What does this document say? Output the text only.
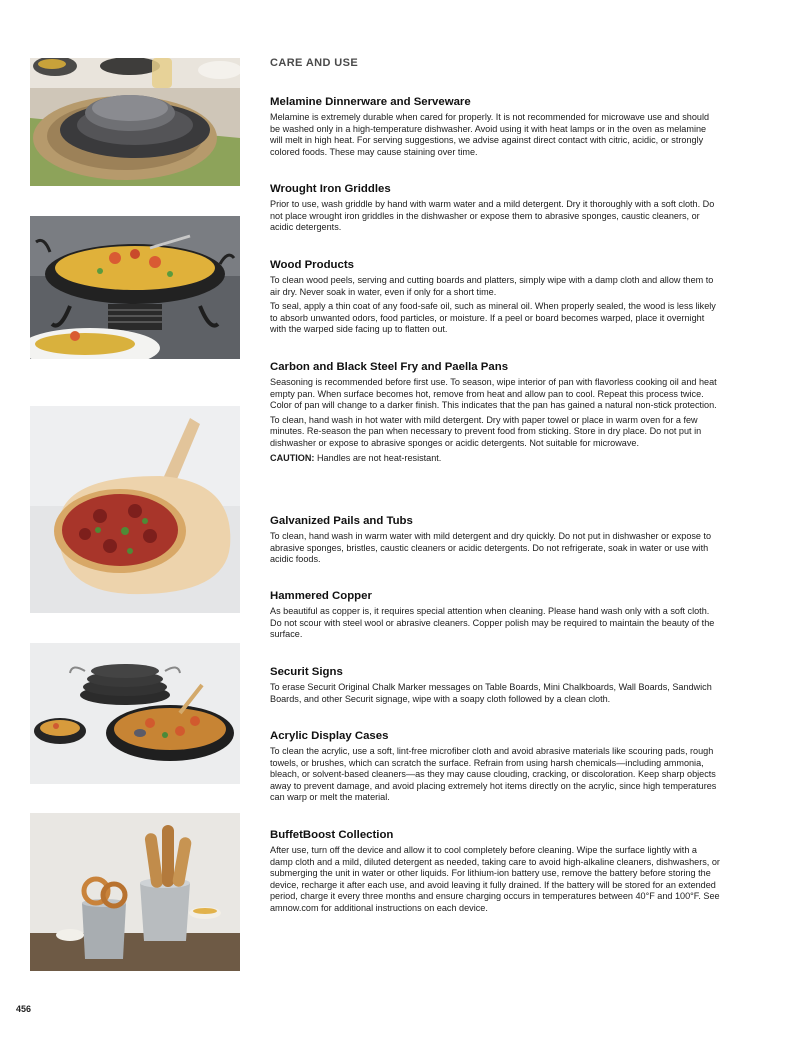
CARE AND USE
Melamine Dinnerware and Serveware

Melamine is extremely durable when cared for properly. It is not recommended for microwave use and should be washed only in a high-temperature dishwasher. Avoid using it with heat lamps or in the oven as melamine will melt in high heat. For serving suggestions, we advise against direct contact with citric, acidic, or strongly colored foods. These may cause staining over time.

Wrought Iron Griddles

Prior to use, wash griddle by hand with warm water and a mild detergent. Dry it thoroughly with a soft cloth. Do not place wrought iron griddles in the dishwasher or expose them to abrasive sponges, caustic cleaners, or acidic detergents.

Wood Products

To clean wood peels, serving and cutting boards and platters, simply wipe with a damp cloth and allow them to air dry. Never soak in water, even if only for a short time.

To seal, apply a thin coat of any food-safe oil, such as mineral oil. When properly sealed, the wood is less likely to absorb unwanted odors, food particles, or moisture. If a peel or board becomes warped, place it overnight with the warped side facing up to flatten out.

Carbon and Black Steel Fry and Paella Pans

Seasoning is recommended before first use. To season, wipe interior of pan with flavorless cooking oil and heat empty pan. When surface becomes hot, remove from heat and allow pan to cool. Repeat this process twice. Color of pan will change to a darker finish. This indicates that the pan has gained a natural non-stick protection.

To clean, hand wash in hot water with mild detergent. Dry with paper towel or place in warm oven for a few minutes. Re-season the pan when necessary to prevent food from sticking. Store in dry place. Do not put in dishwasher or expose to abrasive sponges or acidic detergents. Not suitable for microwave.

CAUTION: Handles are not heat-resistant.

Galvanized Pails and Tubs

To clean, hand wash in warm water with mild detergent and dry quickly. Do not put in dishwasher or expose to abrasive sponges, bristles, caustic cleaners or acidic detergents. Do not refrigerate, soak in water or use with acidic foods.

Hammered Copper

As beautiful as copper is, it requires special attention when cleaning. Please hand wash only with a soft cloth. Do not scour with steel wool or abrasive cleaners. Copper polish may be required to maintain the beauty of the surface.

Securit Signs

To erase Securit Original Chalk Marker messages on Table Boards, Mini Chalkboards, Wall Boards, Sandwich Boards, and other Securit signage, wipe with a soapy cloth followed by a clean cloth.

Acrylic Display Cases

To clean the acrylic, use a soft, lint-free microfiber cloth and avoid abrasive materials like scouring pads, rough towels, or brushes, which can scratch the surface. Refrain from using harsh chemicals—including ammonia, bleach, or solvent-based cleaners—as they may cause clouding, cracking, or discoloration. Keep sharp objects away to prevent damage, and avoid placing extremely hot items directly on the acrylic, since high temperatures can warp or melt the material.

BuffetBoost Collection

After use, turn off the device and allow it to cool completely before cleaning. Wipe the surface lightly with a damp cloth and a mild, diluted detergent as needed, taking care to avoid high-alkaline cleaners, dishwashers, or submerging the unit in water or other liquids. For lithium-ion battery use, remove the battery before storing the device, recharge it after each use, and avoid leaving it fully drained. If the battery will be stored for an extended period, charge it every three months and ensure charging occurs in temperatures between 40°F and 100°F. See amnow.com for additional instructions on each device.

456
